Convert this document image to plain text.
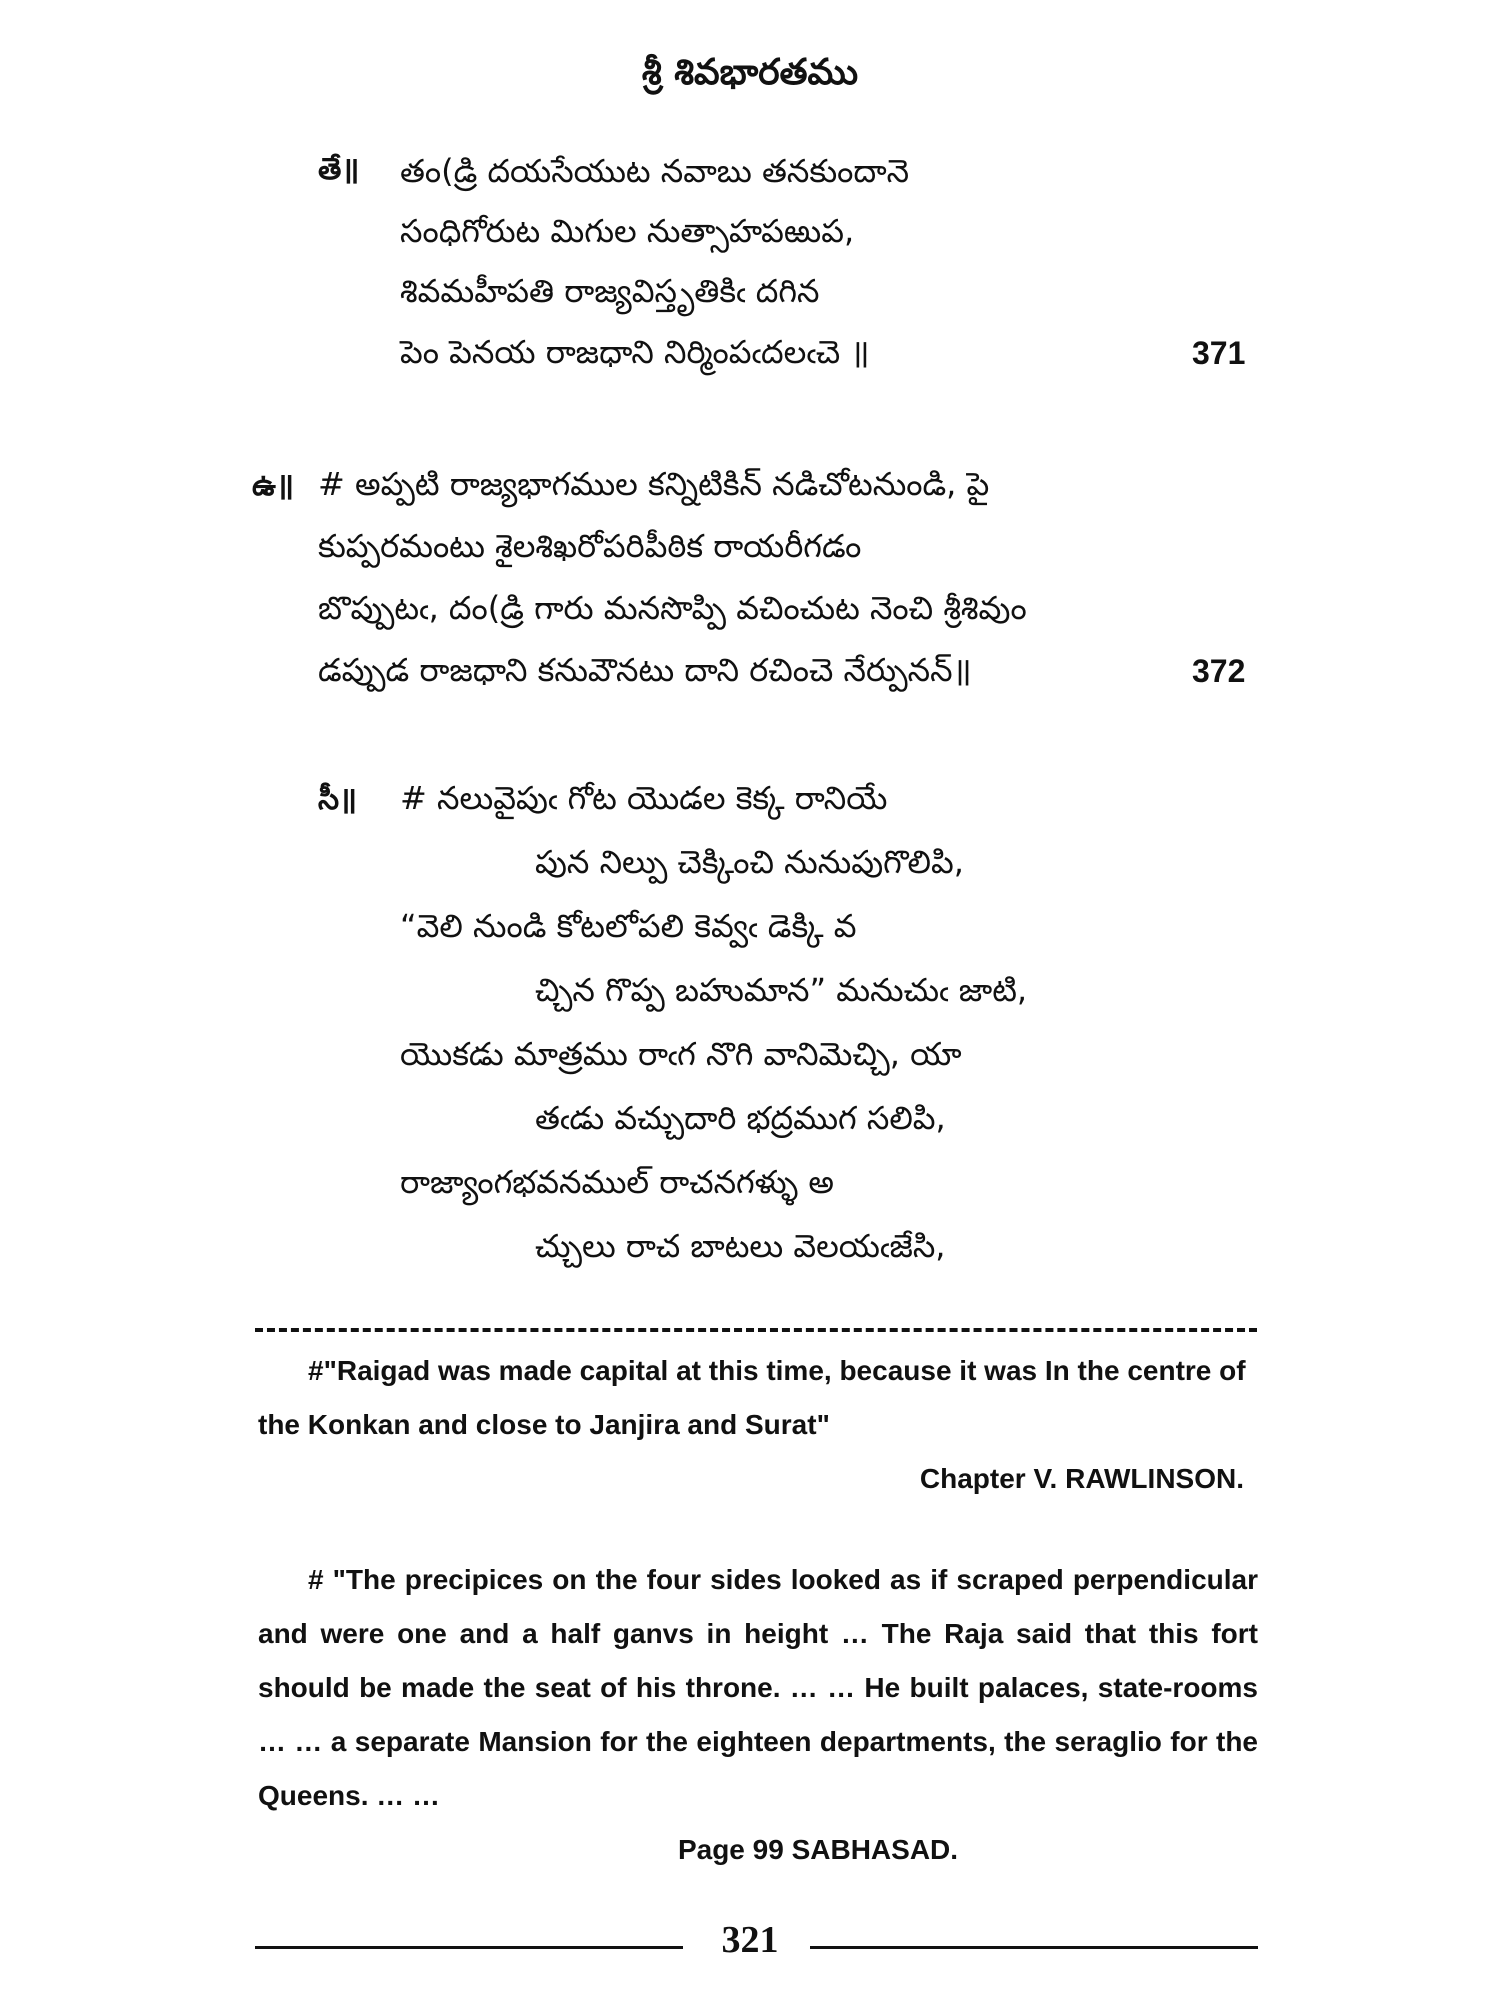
శ్రీ శివభారతము
తే॥ తం(డ్రి దయసేయుట నవాబు తనకుందానె
సంధిగోరుట మిగుల నుత్సాహపఱుప,
శివమహీపతి రాజ్యవిస్తృతికిఁ దగిన
పెం పెనయ రాజధాని నిర్మింపఁదలఁచె ॥	371
ఉ॥ # అప్పటి రాజ్యభాగముల కన్నిటికిన్ నడిచోటనుండి, పై
కుప్పరమంటు శైలశిఖరోపరిపీఠిక రాయరీగడం
బొప్పుటఁ, దం(డ్రి గారు మనసొప్పి వచించుట నెంచి శ్రీశివుం
డప్పుడ రాజధాని కనువౌనటు దాని రచించె నేర్పునన్॥	372
సీ॥ # నలువైపుఁ గోట యొడల కెక్క రానియే
పున నిల్పు చెక్కించి నునుపుగొలిపి,
“వెలి నుండి కోటలోపలి కెవ్వఁ డెక్కి వ
చ్చిన గొప్ప బహుమాన” మనుచుఁ జాటి,
యొకడు మాత్రము రాఁగ నొగి వానిమెచ్చి, యా
తఁడు వచ్చుదారి భద్రముగ సలిపి,
రాజ్యాంగభవనముల్ రాచనగళ్ళు అ
చ్చులు రాచ బాటలు వెలయఁజేసి,

#"Raigad was made capital at this time, because it was In the centre of the Konkan and close to Janjira and Surat"

Chapter V. RAWLINSON.

# "The precipices on the four sides looked as if scraped perpendicular and were one and a half ganvs in height … The Raja said that this fort should be made the seat of his throne. … … He built palaces, state-rooms … … a separate Mansion for the eighteen departments, the seraglio for the Queens. … …

Page 99 SABHASAD.
321
